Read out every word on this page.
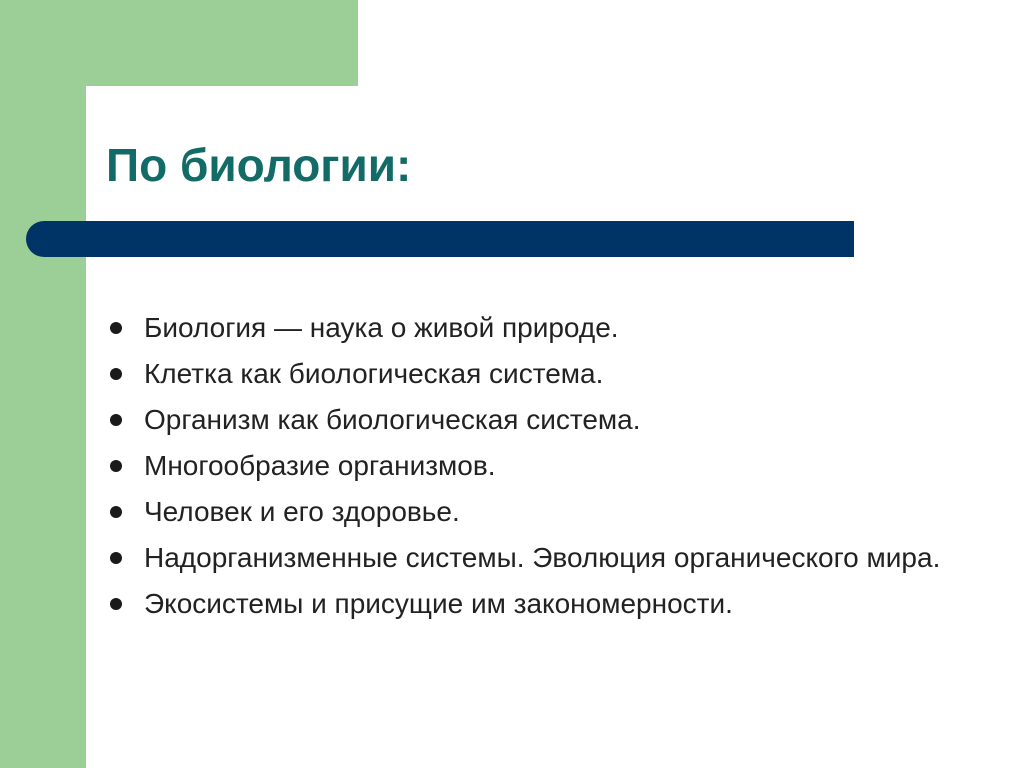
По биологии:
Биология — наука о живой природе.
Клетка как биологическая система.
Организм как биологическая система.
Многообразие организмов.
Человек и его здоровье.
Надорганизменные системы. Эволюция органического мира.
Экосистемы и присущие им закономерности.
